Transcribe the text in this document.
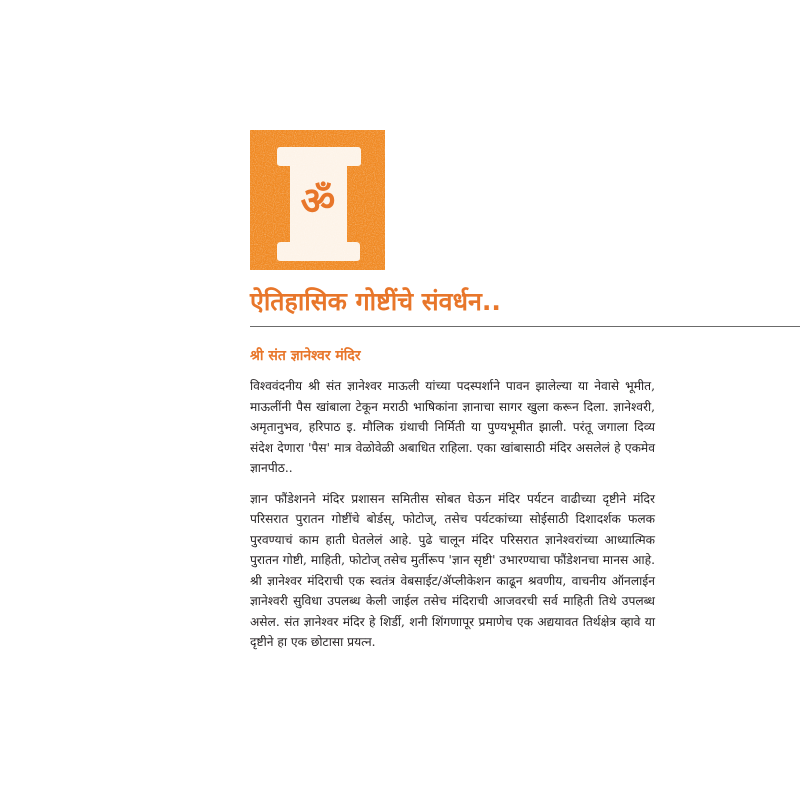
ॐ
ऐतिहासिक गोष्टींचे संवर्धन..
श्री संत ज्ञानेश्वर मंदिर

विश्ववंदनीय श्री संत ज्ञानेश्वर माऊली यांच्या पदस्पर्शाने पावन झालेल्या या नेवासे भूमीत, माऊलींनी पैस खांबाला टेकून मराठी भाषिकांना ज्ञानाचा सागर खुला करून दिला. ज्ञानेश्वरी, अमृतानुभव, हरिपाठ इ. मौलिक ग्रंथाची निर्मिती या पुण्यभूमीत झाली. परंतू जगाला दिव्य संदेश देणारा 'पैस' मात्र वेळोवेळी अबाधित राहिला. एका खांबासाठी मंदिर असलेलं हे एकमेव ज्ञानपीठ..

ज्ञान फौंडेशनने मंदिर प्रशासन समितीस सोबत घेऊन मंदिर पर्यटन वाढीच्या दृष्टीने मंदिर परिसरात पुरातन गोष्टींचे बोर्डस्, फोटोज्, तसेच पर्यटकांच्या सोईसाठी दिशादर्शक फलक पुरवण्याचं काम हाती घेतलेलं आहे. पुढे चालून मंदिर परिसरात ज्ञानेश्वरांच्या आध्यात्मिक पुरातन गोष्टी, माहिती, फोटोज् तसेच मुर्तीरूप 'ज्ञान सृष्टी' उभारण्याचा फौंडेशनचा मानस आहे. श्री ज्ञानेश्वर मंदिराची एक स्वतंत्र वेबसाईट/ॲप्लीकेशन काढून श्रवणीय, वाचनीय ऑनलाईन ज्ञानेश्वरी सुविधा उपलब्ध केली जाईल तसेच मंदिराची आजवरची सर्व माहिती तिथे उपलब्ध असेल. संत ज्ञानेश्वर मंदिर हे शिर्डी, शनी शिंगणापूर प्रमाणेच एक अद्ययावत तिर्थक्षेत्र व्हावे या दृष्टीने हा एक छोटासा प्रयत्न.
